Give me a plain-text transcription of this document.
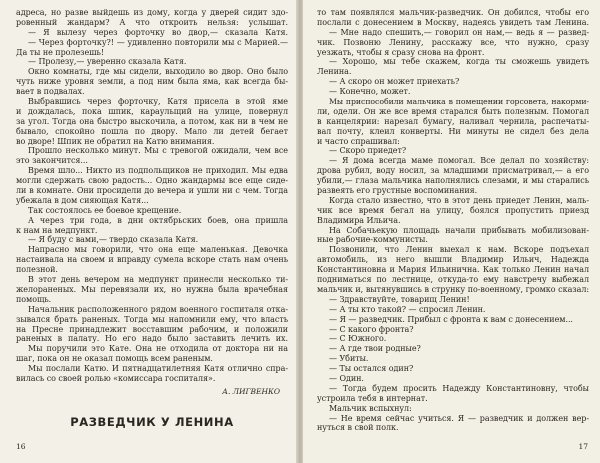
адреса, но разве выйдешь из дому, когда у дверей сидит здо-
ровенный жандарм? А что откроить нельзя: услышат.
— Я вылезу через форточку во двор,— сказала Катя.
— Через форточку?! — удивленно повторили мы с Марией.—
Да ты не пролезешь!
— Пролезу,— уверенно сказала Катя.
Окно комнаты, где мы сидели, выходило во двор. Оно было
чуть ниже уровня земли, а под ним была яма, как всегда бы-
вает в подвалах.
Выбравшись через форточку, Катя присела в этой яме
и дождалась, пока шпик, караульщий на улице, повернул
за угол. Тогда она быстро выскочила, а потом, как ни в чем не
бывало, спокойно пошла по двору. Мало ли детей бегает
во дворе! Шпик не обратил на Катю внимания.
Прошло несколько минут. Мы с тревогой ожидали, чем все
это закончится...
Время шло... Никто из подпольщиков не приходил. Мы едва
могли сдержать свою радость... Одно жандармы все еще сиде-
ли в комнате. Они просидели до вечера и ушли ни с чем. Тогда
убежала в дом сияющая Катя...
Так состоялось ее боевое крещение.
А через три года, в дни октябрьских боев, она пришла
к нам на медпункт.
— Я буду с вами,— твердо сказала Катя.
Напрасно мы говорили, что она еще маленькая. Девочка
настаивала на своем и вправду сумела вскоре стать нам очень
полезной.
В этот день вечером на медпункт принесли несколько ти-
желораненых. Мы перевязали их, но нужна была врачебная
помощь.
Начальник расположенного рядом военного госпиталя отка-
зывался брать раненых. Тогда мы напомнили ему, что власть
на Пресне принадлежит восставшим рабочим, и положили
раненых в палату. Но его надо было заставить лечить их.
Мы поручили это Кате. Она не отходила от доктора ни на
шаг, пока он не оказал помощь всем раненым.
Мы послали Катю. И пятнадцатилетняя Катя отлично спра-
вилась со своей ролью «комиссара госпиталя».
А. ЛИГВЕНКО
РАЗВЕДЧИК У ЛЕНИНА
16
то там появлялся мальчик-разведчик. Он добился, чтобы его
послали с донесением в Москву, надеясь увидеть там Ленина.
— Мне надо спешить,— говорил он нам,— ведь я — развед-
чик. Позвоню Ленину, расскажу все, что нужно, сразу
уезжать, чтобы я сразу снова на фронт.
— Хорошо, мы тебе скажем, когда ты сможешь увидеть
Ленина.
— А скоро он может приехать?
— Конечно, может.
Мы приспособили мальчика в помещении горсовета, накорми-
ли, одели. Он же все время старался быть полезным. Помогал
в канцелярии: нарезал бумагу, наливал чернила, распечаты-
вал почту, клеил конверты. Ни минуты не сидел без дела
и часто спрашивал:
— Скоро приедет?
— Я дома всегда маме помогал. Все делал по хозяйству:
дрова рубил, воду носил, за младшими присматривал,— а его
убили,— глаза мальчика наполнялись слезами, и мы старались
развеять его грустные воспоминания.
Когда стало известно, что в этот день приедет Ленин, маль-
чик все время бегал на улицу, боялся пропустить приезд
Владимира Ильича.
На Собачьекую площадь начали прибывать мобилизован-
ные рабочие-коммунисты.
Позвонили, что Ленин выехал к нам. Вскоре подъехал
автомобиль, из него вышли Владимир Ильич, Надежда
Константиновна и Мария Ильинична. Как только Ленин начал
подниматься по лестнице, откуда-то ему навстречу выбежал
мальчик и, вытянувшись в струнку по-военному, громко сказал:
— Здравствуйте, товарищ Ленин!
— А ты кто такой? — спросил Ленин.
— Я — разведчик. Прибыл с фронта к вам с донесением...
— С какого фронта?
— С Южного.
— А где твои родные?
— Убиты.
— Ты остался один?
— Один.
— Тогда будем просить Надежду Константиновну, чтобы
устроила тебя в интернат.
Мальчик вспыхнул:
— Не время сейчас учиться. Я — разведчик и должен вер-
нуться в свой полк.
17
